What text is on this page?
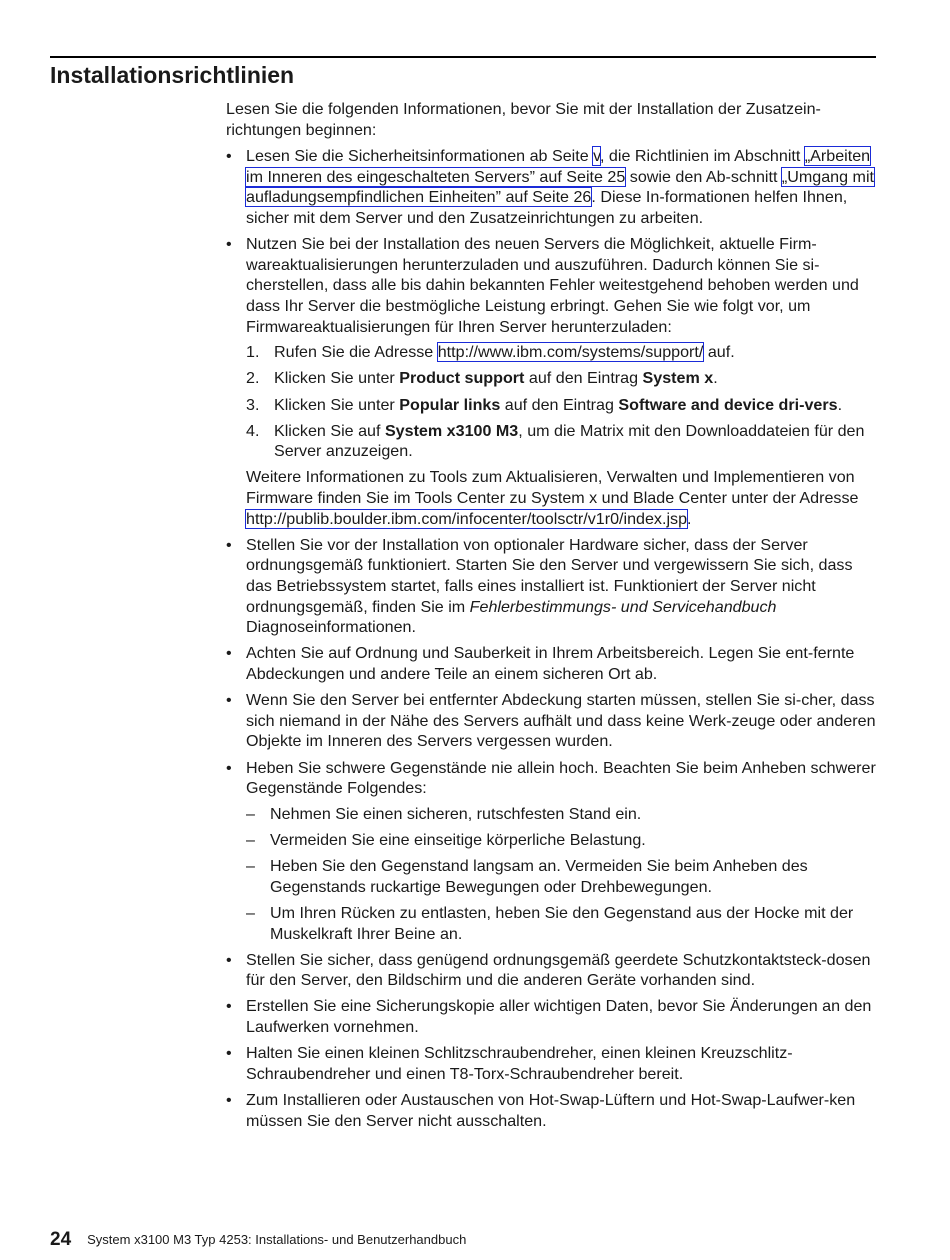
Installationsrichtlinien

Lesen Sie die folgenden Informationen, bevor Sie mit der Installation der Zusatzein-richtungen beginnen:

• Lesen Sie die Sicherheitsinformationen ab Seite v, die Richtlinien im Abschnitt „Arbeiten im Inneren des eingeschalteten Servers” auf Seite 25 sowie den Ab-schnitt „Umgang mit aufladungsempfindlichen Einheiten” auf Seite 26. Diese In-formationen helfen Ihnen, sicher mit dem Server und den Zusatzeinrichtungen zu arbeiten.
• Nutzen Sie bei der Installation des neuen Servers die Möglichkeit, aktuelle Firm-wareaktualisierungen herunterzuladen und auszuführen. Dadurch können Sie si-cherstellen, dass alle bis dahin bekannten Fehler weitestgehend behoben werden und dass Ihr Server die bestmögliche Leistung erbringt. Gehen Sie wie folgt vor, um Firmwareaktualisierungen für Ihren Server herunterzuladen:
1. Rufen Sie die Adresse http://www.ibm.com/systems/support/ auf.
2. Klicken Sie unter Product support auf den Eintrag System x.
3. Klicken Sie unter Popular links auf den Eintrag Software and device dri-vers.
4. Klicken Sie auf System x3100 M3, um die Matrix mit den Downloaddateien für den Server anzuzeigen.

Weitere Informationen zu Tools zum Aktualisieren, Verwalten und Implementieren von Firmware finden Sie im Tools Center zu System x und Blade Center unter der Adresse http://publib.boulder.ibm.com/infocenter/toolsctr/v1r0/index.jsp.

• Stellen Sie vor der Installation von optionaler Hardware sicher, dass der Server ordnungsgemäß funktioniert. Starten Sie den Server und vergewissern Sie sich, dass das Betriebssystem startet, falls eines installiert ist. Funktioniert der Server nicht ordnungsgemäß, finden Sie im Fehlerbestimmungs- und Servicehandbuch Diagnoseinformationen.
• Achten Sie auf Ordnung und Sauberkeit in Ihrem Arbeitsbereich. Legen Sie ent-fernte Abdeckungen und andere Teile an einem sicheren Ort ab.
• Wenn Sie den Server bei entfernter Abdeckung starten müssen, stellen Sie si-cher, dass sich niemand in der Nähe des Servers aufhält und dass keine Werk-zeuge oder anderen Objekte im Inneren des Servers vergessen wurden.
• Heben Sie schwere Gegenstände nie allein hoch. Beachten Sie beim Anheben schwerer Gegenstände Folgendes:
– Nehmen Sie einen sicheren, rutschfesten Stand ein.
– Vermeiden Sie eine einseitige körperliche Belastung.
– Heben Sie den Gegenstand langsam an. Vermeiden Sie beim Anheben des Gegenstands ruckartige Bewegungen oder Drehbewegungen.
– Um Ihren Rücken zu entlasten, heben Sie den Gegenstand aus der Hocke mit der Muskelkraft Ihrer Beine an.
• Stellen Sie sicher, dass genügend ordnungsgemäß geerdete Schutzkontaktsteck-dosen für den Server, den Bildschirm und die anderen Geräte vorhanden sind.
• Erstellen Sie eine Sicherungskopie aller wichtigen Daten, bevor Sie Änderungen an den Laufwerken vornehmen.
• Halten Sie einen kleinen Schlitzschraubendreher, einen kleinen Kreuzschlitz-Schraubendreher und einen T8-Torx-Schraubendreher bereit.
• Zum Installieren oder Austauschen von Hot-Swap-Lüftern und Hot-Swap-Laufwer-ken müssen Sie den Server nicht ausschalten.
24 System x3100 M3 Typ 4253: Installations- und Benutzerhandbuch
